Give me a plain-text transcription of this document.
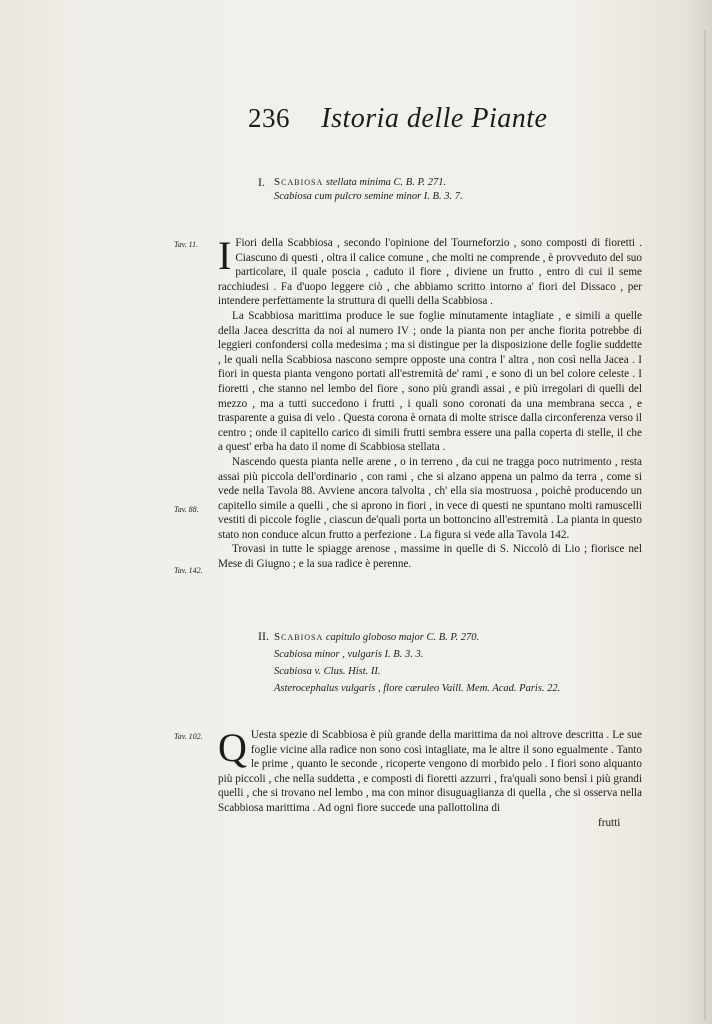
236 Istoria delle Piante
I. Scabiosa stellata minima C. B. P. 271.
Scabiosa cum pulcro semine minor I. B. 3. 7.
Tav. 11.
Tav. 88.
Tav. 142.

I Fiori della Scabbiosa , secondo l'opinione del Tourneforzio , sono composti di fioretti . Ciascuno di questi , oltra il calice comune , che molti ne comprende , è provveduto del suo particolare, il quale poscia , caduto il fiore , diviene un frutto , entro di cui il seme racchiudesi . Fa d'uopo leggere ciò , che abbiamo scritto intorno a' fiori del Dissaco , per intendere perfettamente la struttura di quelli della Scabbiosa .

La Scabbiosa marittima produce le sue foglie minutamente intagliate , e simili a quelle della Jacea descritta da noi al numero IV ; onde la pianta non per anche fiorita potrebbe di leggieri confondersi colla medesima ; ma si distingue per la disposizione delle foglie suddette , le quali nella Scabbiosa nascono sempre opposte una contra l' altra , non così nella Jacea . I fiori in questa pianta vengono portati all'estremità de' rami , e sono di un bel colore celeste . I fioretti , che stanno nel lembo del fiore , sono più grandi assai , e più irregolari di quelli del mezzo , ma a tutti succedono i frutti , i quali sono coronati da una membrana secca , e trasparente a guisa di velo . Questa corona è ornata di molte strisce dalla circonferenza verso il centro ; onde il capitello carico di simili frutti sembra essere una palla coperta di stelle, il che a quest' erba ha dato il nome di Scabbiosa stellata .

Nascendo questa pianta nelle arene , o in terreno , da cui ne tragga poco nutrimento , resta assai più piccola dell'ordinario , con rami , che si alzano appena un palmo da terra , come si vede nella Tavola 88. Avviene ancora talvolta , ch' ella sia mostruosa , poichè producendo un capitello simile a quelli , che si aprono in fiori , in vece di questi ne spuntano molti ramuscelli vestiti di piccole foglie , ciascun de'quali porta un bottoncino all'estremità . La pianta in questo stato non conduce alcun frutto a perfezione . La figura si vede alla Tavola 142.

Trovasi in tutte le spiagge arenose , massime in quelle di S. Niccolò di Lio ; fiorisce nel Mese di Giugno ; e la sua radice è perenne.

II. Scabiosa capitulo globoso major C. B. P. 270.
Scabiosa minor , vulgaris I. B. 3. 3.
Scabiosa v. Clus. Hist. II.
Asterocephalus vulgaris , flore cæruleo Vaill. Mem. Acad. Paris. 22.
Tav. 102. Q Uesta spezie di Scabbiosa è più grande della marittima da noi altrove descritta . Le sue foglie vicine alla radice non sono così intagliate, ma le altre il sono egualmente . Tanto le prime , quanto le seconde , ricoperte vengono di morbido pelo . I fiori sono alquanto più piccoli , che nella suddetta , e composti di fioretti azzurri , fra'quali sono bensì i più grandi quelli , che si trovano nel lembo , ma con minor disuguaglianza di quella , che si osserva nella Scabbiosa marittima . Ad ogni fiore succede una pallottolina di

frutti
